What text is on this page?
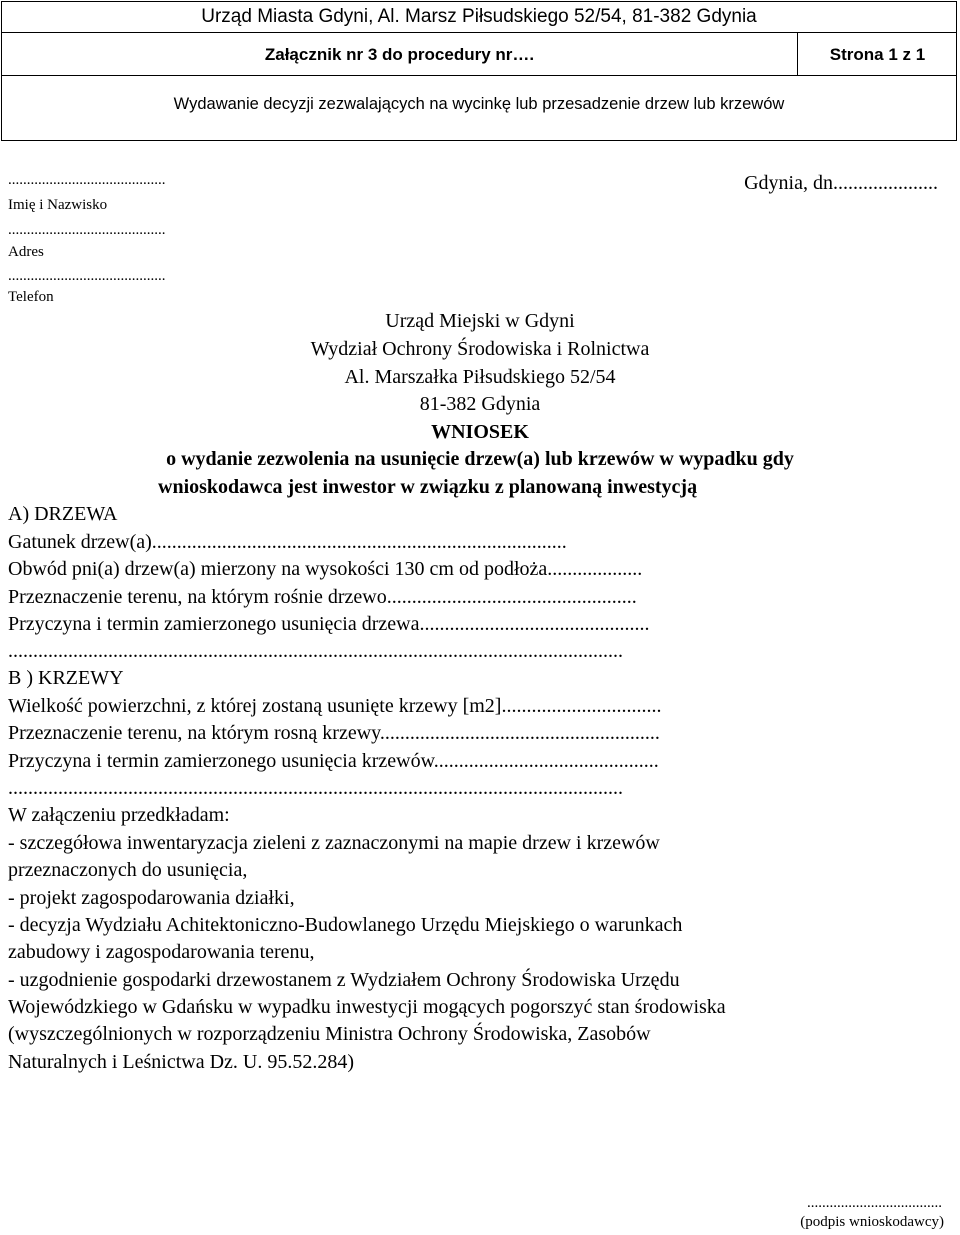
Urząd Miasta Gdyni, Al. Marsz Piłsudskiego 52/54, 81-382 Gdynia
Załącznik nr 3 do procedury nr….	Strona 1 z 1
Wydawanie decyzji zezwalających na wycinkę lub przesadzenie drzew lub krzewów
..........................................
Imię i Nazwisko
..........................................
Adres
..........................................
Telefon
Gdynia, dn.....................
Urząd Miejski w Gdyni
Wydział Ochrony Środowiska i Rolnictwa
Al. Marszałka Piłsudskiego 52/54
81-382 Gdynia
WNIOSEK
o wydanie zezwolenia na usunięcie drzew(a) lub krzewów w wypadku gdy
wnioskodawca jest inwestor w związku z planowaną inwestycją
A) DRZEWA
Gatunek drzew(a)...................................................................................
Obwód pni(a) drzew(a) mierzony na wysokości 130 cm od podłoża...................
Przeznaczenie terenu, na którym rośnie drzewo..................................................
Przyczyna i termin zamierzonego usunięcia drzewa..............................................
...........................................................................................................................
B ) KRZEWY
Wielkość powierzchni, z której zostaną usunięte krzewy [m2]................................
Przeznaczenie terenu, na którym rosną krzewy........................................................
Przyczyna i termin zamierzonego usunięcia krzewów.............................................
...........................................................................................................................
W załączeniu przedkładam:
- szczegółowa inwentaryzacja zieleni z zaznaczonymi na mapie drzew i krzewów
przeznaczonych do usunięcia,
- projekt zagospodarowania działki,
- decyzja Wydziału Achitektoniczno-Budowlanego Urzędu Miejskiego o warunkach
zabudowy i zagospodarowania terenu,
- uzgodnienie gospodarki drzewostanem z Wydziałem Ochrony Środowiska Urzędu
Wojewódzkiego w Gdańsku w wypadku inwestycji mogących pogorszyć stan środowiska
(wyszczególnionych w rozporządzeniu Ministra Ochrony Środowiska, Zasobów
Naturalnych i Leśnictwa Dz. U. 95.52.284)
....................................
(podpis wnioskodawcy)
